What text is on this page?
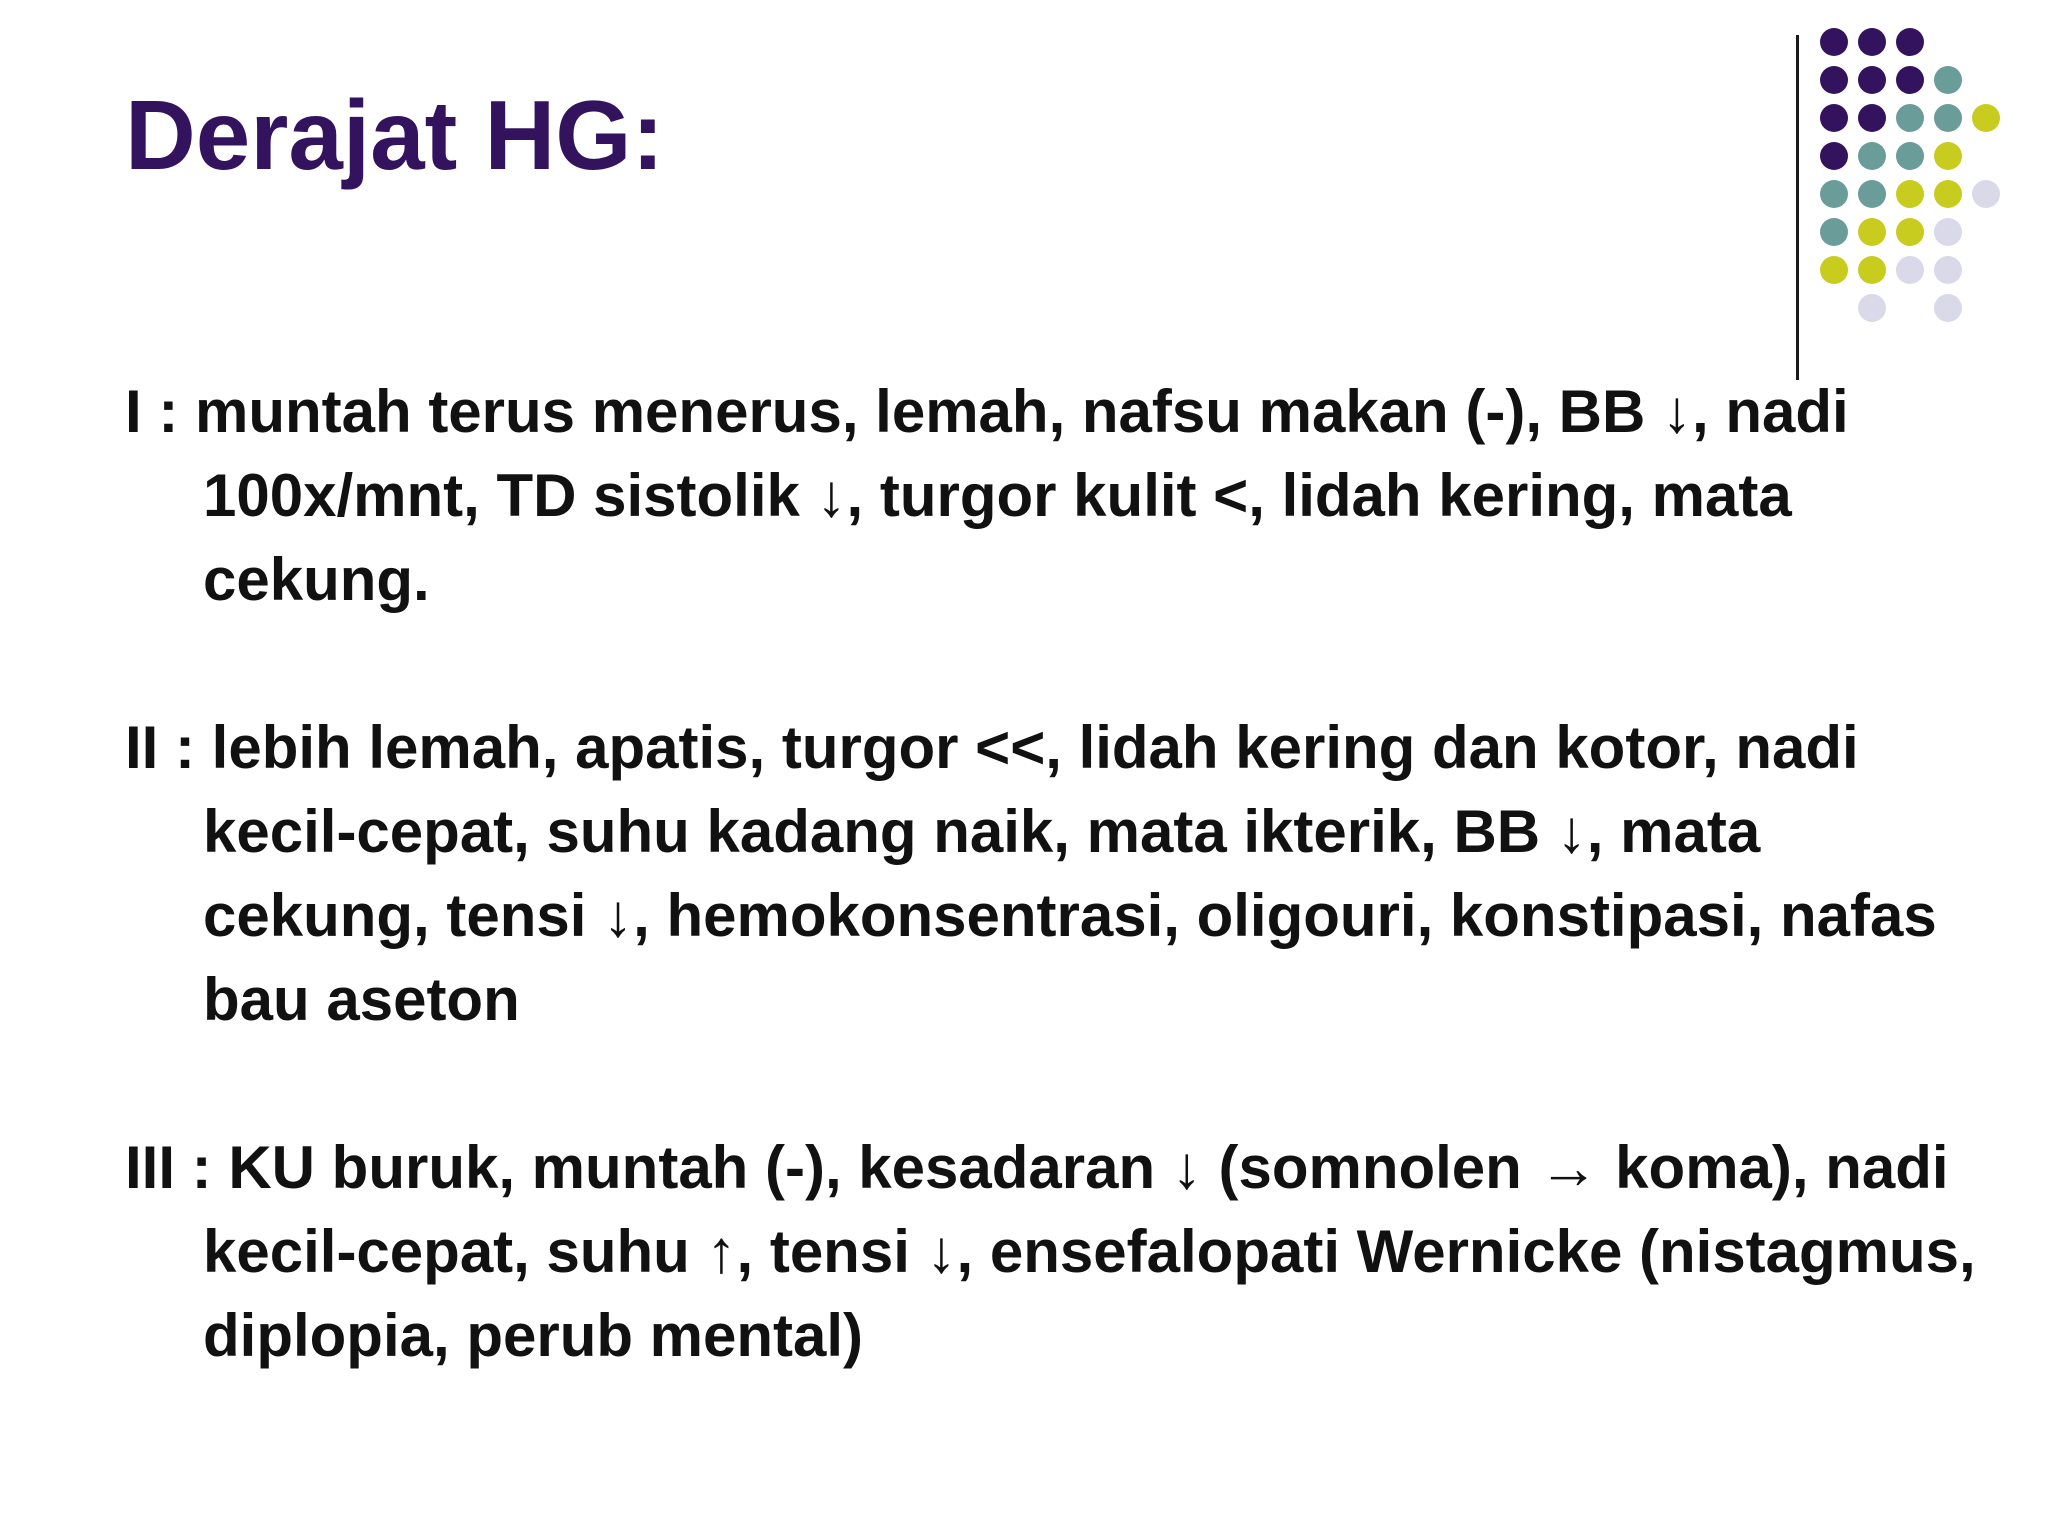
Derajat HG:

I : muntah terus menerus, lemah, nafsu makan (-), BB ↓, nadi 100x/mnt, TD sistolik ↓, turgor kulit <, lidah kering, mata cekung.

II : lebih lemah, apatis, turgor <<, lidah kering dan kotor, nadi kecil-cepat, suhu kadang naik, mata ikterik, BB ↓, mata cekung, tensi ↓, hemokonsentrasi, oligouri, konstipasi, nafas bau aseton

III : KU buruk, muntah (-), kesadaran ↓ (somnolen → koma), nadi kecil-cepat, suhu ↑, tensi ↓, ensefalopati Wernicke (nistagmus, diplopia, perub mental)
